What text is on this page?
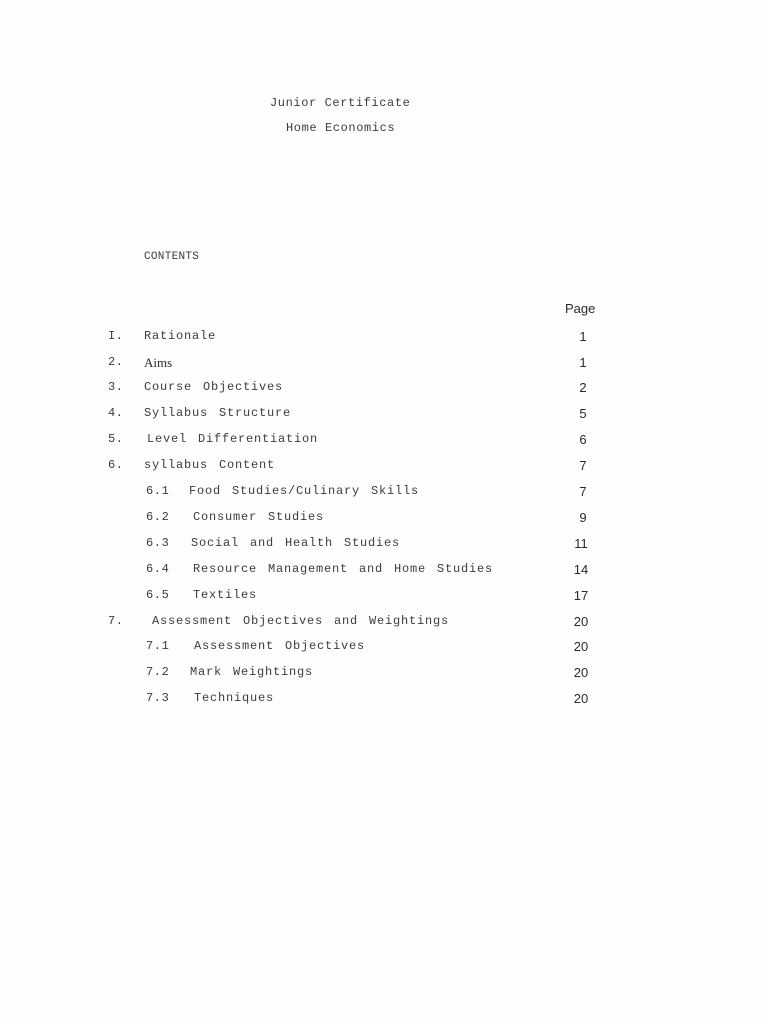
Junior Certificate
Home Economics
CONTENTS
Page
I. Rationale	1
2. Aims	1
3. Course Objectives	2
4. Syllabus Structure	5
5. Level Differentiation	6
6. syllabus Content	7
6.1 Food Studies/Culinary Skills	7
6.2 Consumer Studies	9
6.3 Social and Health Studies	11
6.4 Resource Management and Home Studies	14
6.5 Textiles	17
7. Assessment Objectives and Weightings	20
7.1 Assessment Objectives	20
7.2 Mark Weightings	20
7.3 Techniques	20
